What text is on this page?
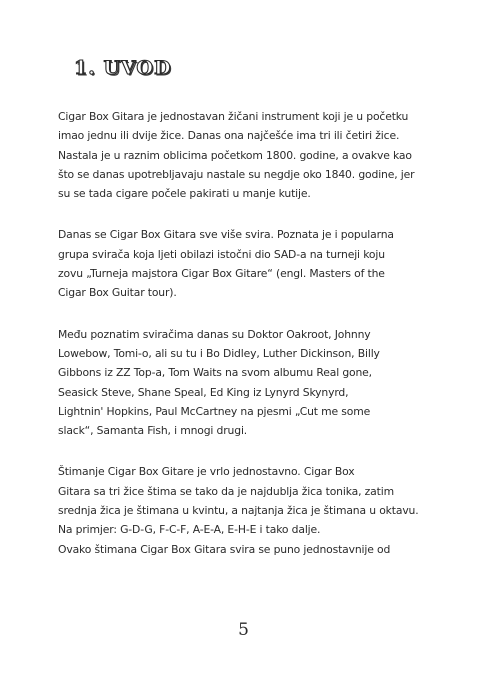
1. UVOD

Cigar Box Gitara je jednostavan žičani instrument koji je u početku
imao jednu ili dvije žice. Danas ona najčešće ima tri ili četiri žice.
Nastala je u raznim oblicima početkom 1800. godine, a ovakve kao
što se danas upotrebljavaju nastale su negdje oko 1840. godine, jer
su se tada cigare počele pakirati u manje kutije.

Danas se Cigar Box Gitara sve više svira. Poznata je i popularna
grupa svirača koja ljeti obilazi istočni dio SAD-a na turneji koju
zovu „Turneja majstora Cigar Box Gitare“ (engl. Masters of the
Cigar Box Guitar tour).

Među poznatim sviračima danas su Doktor Oakroot, Johnny
Lowebow, Tomi-o, ali su tu i Bo Didley, Luther Dickinson, Billy
Gibbons iz ZZ Top-a, Tom Waits na svom albumu Real gone,
Seasick Steve, Shane Speal, Ed King iz Lynyrd Skynyrd,
Lightnin' Hopkins, Paul McCartney na pjesmi „Cut me some
slack“, Samanta Fish, i mnogi drugi.

Štimanje Cigar Box Gitare je vrlo jednostavno. Cigar Box
Gitara sa tri žice štima se tako da je najdublja žica tonika, zatim
srednja žica je štimana u kvintu, a najtanja žica je štimana u oktavu.
Na primjer: G-D-G, F-C-F, A-E-A, E-H-E i tako dalje.
Ovako štimana Cigar Box Gitara svira se puno jednostavnije od

5
